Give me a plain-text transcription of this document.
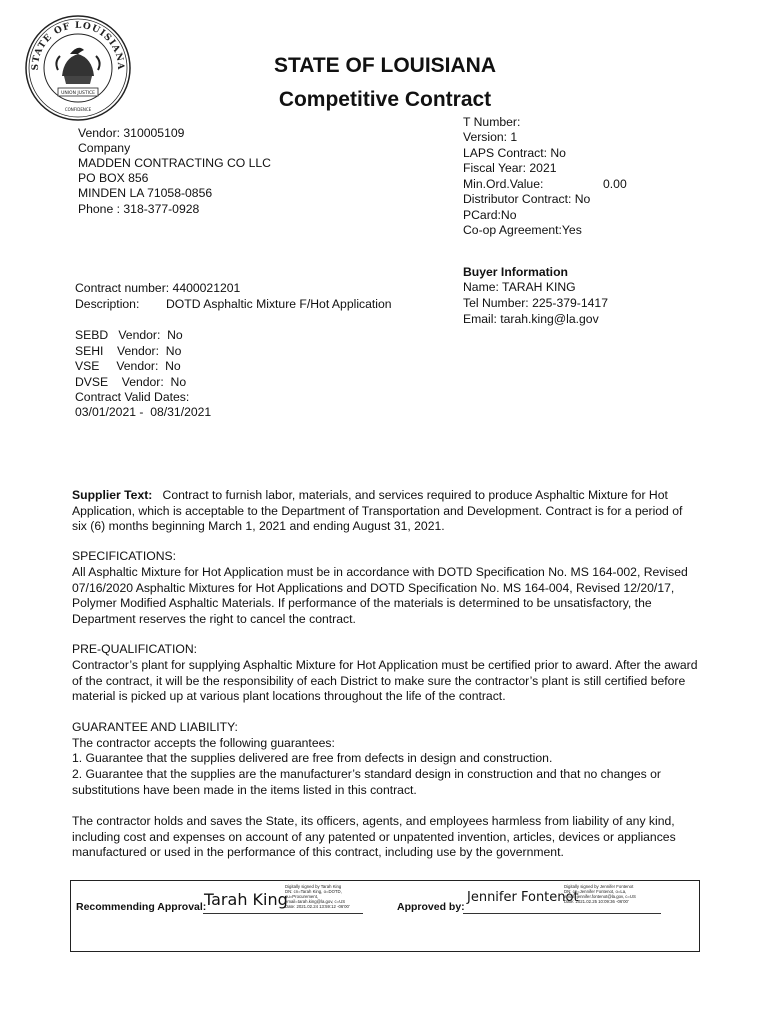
STATE OF LOUISIANA
UNION JUSTICE
CONFIDENCE
STATE OF LOUISIANA
Competitive Contract
Vendor: 310005109
Company
MADDEN CONTRACTING CO LLC
PO BOX 856
MINDEN LA 71058-0856
Phone : 318-377-0928
T Number:
Version: 1
LAPS Contract: No
Fiscal Year: 2021
Min.Ord.Value:	0.00
Distributor Contract: No
PCard:No
Co-op Agreement:Yes
Contract number: 4400021201
Description: DOTD Asphaltic Mixture F/Hot Application
Buyer Information
Name: TARAH KING
Tel Number: 225-379-1417
Email: tarah.king@la.gov
SEBD   Vendor:  No
SEHI    Vendor:  No
VSE     Vendor:  No
DVSE    Vendor:  No
Contract Valid Dates:
03/01/2021 -  08/31/2021
Supplier Text: Contract to furnish labor, materials, and services required to produce Asphaltic Mixture for Hot Application, which is acceptable to the Department of Transportation and Development. Contract is for a period of six (6) months beginning March 1, 2021 and ending August 31, 2021.
SPECIFICATIONS:
All Asphaltic Mixture for Hot Application must be in accordance with DOTD Specification No. MS 164-002, Revised 07/16/2020 Asphaltic Mixtures for Hot Applications and DOTD Specification No. MS 164-004, Revised 12/20/17, Polymer Modified Asphaltic Materials. If performance of the materials is determined to be unsatisfactory, the Department reserves the right to cancel the contract.
PRE-QUALIFICATION:
Contractor’s plant for supplying Asphaltic Mixture for Hot Application must be certified prior to award. After the award of the contract, it will be the responsibility of each District to make sure the contractor’s plant is still certified before material is picked up at various plant locations throughout the life of the contract.
GUARANTEE AND LIABILITY:
The contractor accepts the following guarantees:
1. Guarantee that the supplies delivered are free from defects in design and construction.
2. Guarantee that the supplies are the manufacturer’s standard design in construction and that no changes or substitutions have been made in the items listed in this contract.
The contractor holds and saves the State, its officers, agents, and employees harmless from liability of any kind, including cost and expenses on account of any patented or unpatented invention, articles, devices or appliances manufactured or used in the performance of this contract, including use by the government.
Recommending Approval:
Tarah King
Digitally signed by Tarah King
DN: cn=Tarah King, o=DOTD,
ou=Procurement,
email=tarah.king@la.gov, c=US
Date: 2021.02.24 13:59:12 -06'00'	Approved by:
Jennifer Fontenot
Digitally signed by Jennifer Fontenot
DN: cn=Jennifer Fontenot, o=La,
email=jennifer.fontenot@la.gov, c=US
Date: 2021.02.25 10:09:36 -06'00'
